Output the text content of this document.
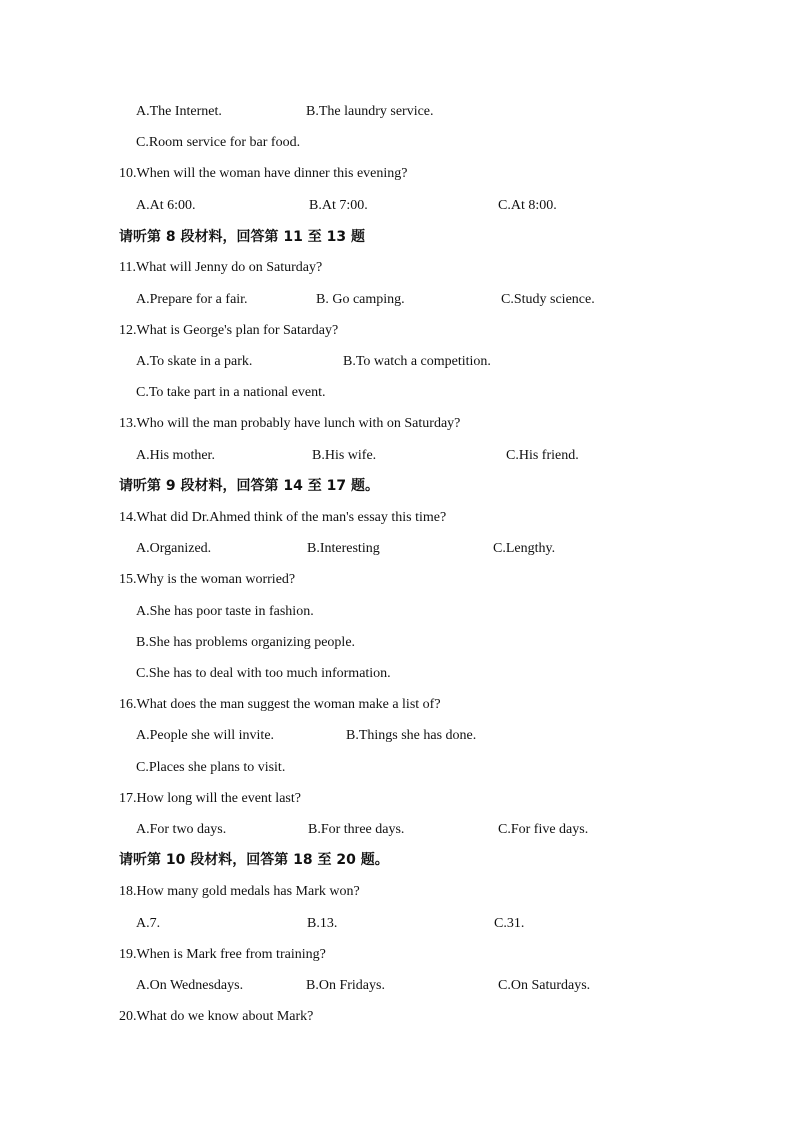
A.The Internet.	B.The laundry service.
C.Room service for bar food.
10.When will the woman have dinner this evening?
A.At 6:00.	B.At 7:00.	C.At 8:00.
请听第 8 段材料，回答第 11 至 13 题
11.What will Jenny do on Saturday?
A.Prepare for a fair.	B. Go camping.	C.Study science.
12.What is George's plan for Satarday?
A.To skate in a park.	B.To watch a competition.
C.To take part in a national event.
13.Who will the man probably have lunch with on Saturday?
A.His mother.	B.His wife.	C.His friend.
请听第 9 段材料，回答第 14 至 17 题。
14.What did Dr.Ahmed think of the man's essay this time?
A.Organized.	B.Interesting	C.Lengthy.
15.Why is the woman worried?
A.She has poor taste in fashion.
B.She has problems organizing people.
C.She has to deal with too much information.
16.What does the man suggest the woman make a list of?
A.People she will invite.	B.Things she has done.
C.Places she plans to visit.
17.How long will the event last?
A.For two days.	B.For three days.	C.For five days.
请听第 10 段材料，回答第 18 至 20 题。
18.How many gold medals has Mark won?
A.7.	B.13.	C.31.
19.When is Mark free from training?
A.On Wednesdays.	B.On Fridays.	C.On Saturdays.
20.What do we know about Mark?
